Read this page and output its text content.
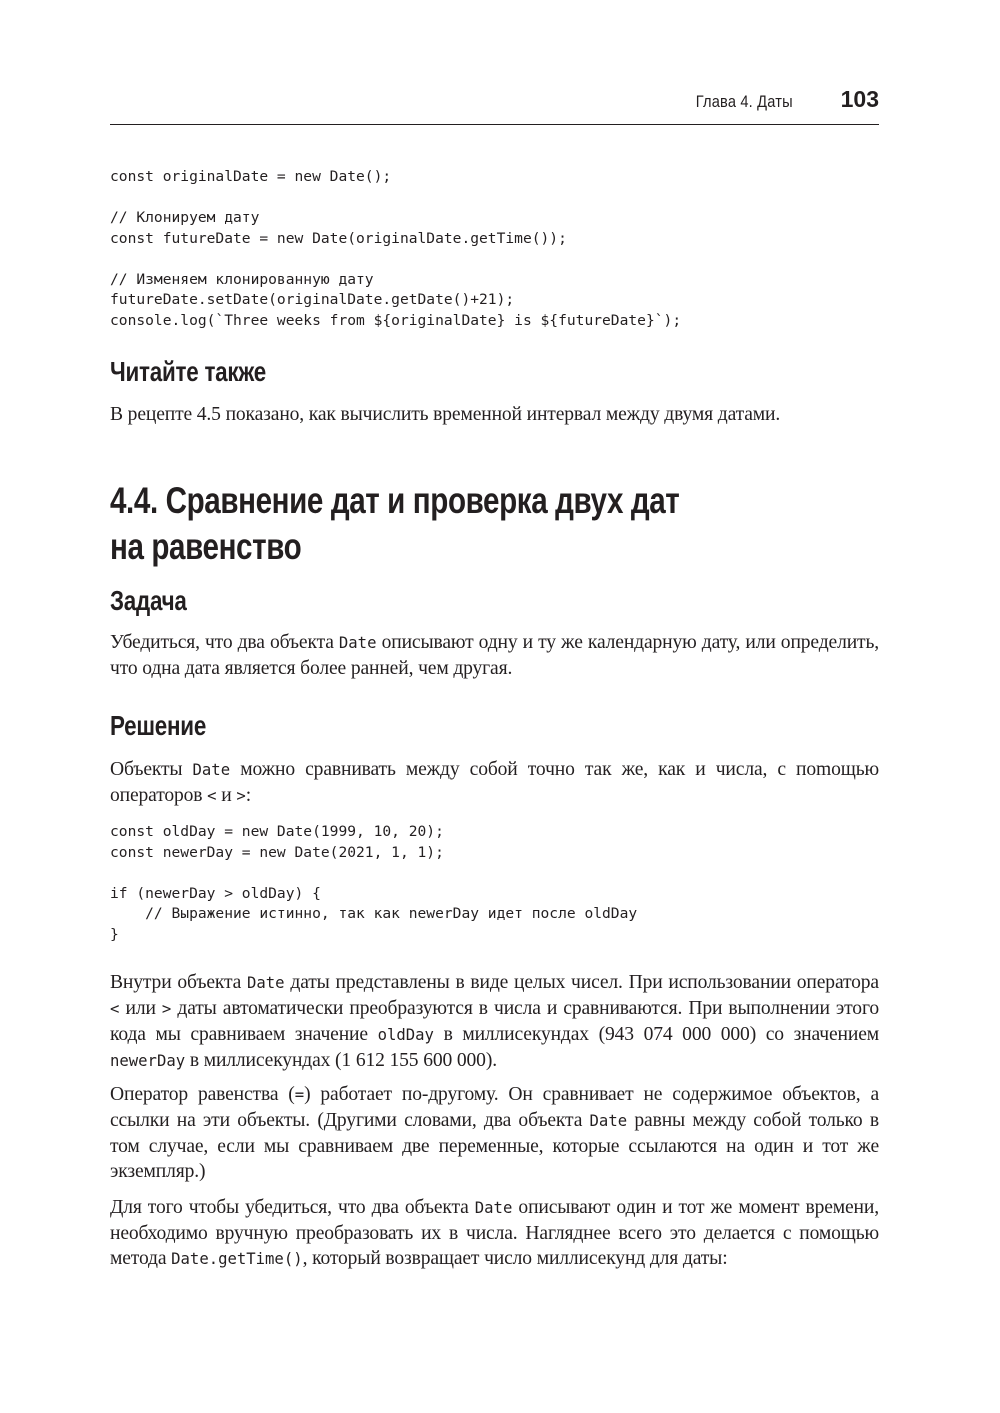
Глава 4. Даты 103
const originalDate = new Date();

// Клонируем дату
const futureDate = new Date(originalDate.getTime());

// Изменяем клонированную дату
futureDate.setDate(originalDate.getDate()+21);
console.log(`Three weeks from ${originalDate} is ${futureDate}`);
Читайте также
В рецепте 4.5 показано, как вычислить временной интервал между двумя датами.
4.4. Сравнение дат и проверка двух дат
на равенство
Задача
Убедиться, что два объекта Date описывают одну и ту же календарную дату, или определить, что одна дата является более ранней, чем другая.
Решение
Объекты Date можно сравнивать между собой точно так же, как и числа, с поmощью операторов < и >:
const oldDay = new Date(1999, 10, 20);
const newerDay = new Date(2021, 1, 1);

if (newerDay > oldDay) {
// Выражение истинно, так как newerDay идет после oldDay
}
Внутри объекта Date даты представлены в виде целых чисел. При использовании оператора < или > даты автоматически преобразуются в числа и сравниваются. При выполнении этого кода мы сравниваем значение oldDay в миллисекундах (943 074 000 000) со значением newerDay в миллисекундах (1 612 155 600 000).
Оператор равенства (=) работает по-другому. Он сравнивает не содержимое объектов, а ссылки на эти объекты. (Другими словами, два объекта Date равны между собой только в том случае, если мы сравниваем две переменные, которые ссылаются на один и тот же экземпляр.)
Для того чтобы убедиться, что два объекта Date описывают один и тот же момент времени, необходимо вручную преобразовать их в числа. Нагляднее всего это делается с помощью метода Date.getTime(), который возвращает число миллисекунд для даты:
